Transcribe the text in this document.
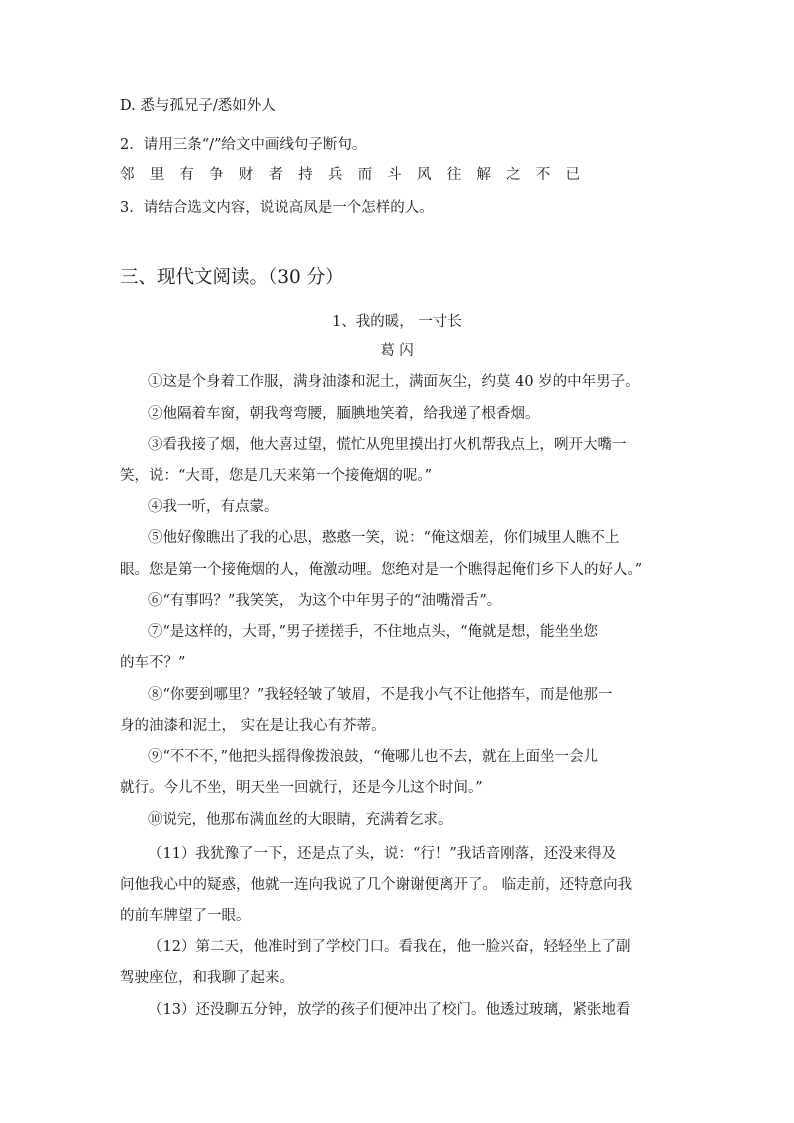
D. 悉与孤兄子/悉如外人
2．请用三条“/”给文中画线句子断句。
邻里有争财者持兵而斗风往解之不已
3．请结合选文内容，说说高凤是一个怎样的人。
三、现代文阅读。（30 分）
1、我的暖， 一寸长
葛 闪
①这是个身着工作服，满身油漆和泥土，满面灰尘，约莫 40 岁的中年男子。
②他隔着车窗，朝我弯弯腰，腼腆地笑着，给我递了根香烟。
③看我接了烟，他大喜过望，慌忙从兜里摸出打火机帮我点上，咧开大嘴一
笑，说：“大哥，您是几天来第一个接俺烟的呢。”
④我一听，有点蒙。
⑤他好像瞧出了我的心思，憨憨一笑，说：“俺这烟差，你们城里人瞧不上
眼。您是第一个接俺烟的人，俺激动哩。您绝对是一个瞧得起俺们乡下人的好人。”
⑥“有事吗？”我笑笑， 为这个中年男子的“油嘴滑舌”。
⑦“是这样的，大哥，”男子搓搓手，不住地点头，“俺就是想，能坐坐您
的车不？”
⑧“你要到哪里？”我轻轻皱了皱眉，不是我小气不让他搭车，而是他那一
身的油漆和泥土， 实在是让我心有芥蒂。
⑨“不不不，”他把头摇得像拨浪鼓，“俺哪儿也不去，就在上面坐一会儿
就行。今儿不坐，明天坐一回就行，还是今儿这个时间。”
⑩说完，他那布满血丝的大眼睛，充满着乞求。
（11）我犹豫了一下，还是点了头，说：“行！”我话音刚落，还没来得及
问他我心中的疑惑，他就一连向我说了几个谢谢便离开了。 临走前，还特意向我
的前车牌望了一眼。
（12）第二天，他准时到了学校门口。看我在，他一脸兴奋，轻轻坐上了副
驾驶座位，和我聊了起来。
（13）还没聊五分钟，放学的孩子们便冲出了校门。他透过玻璃，紧张地看
